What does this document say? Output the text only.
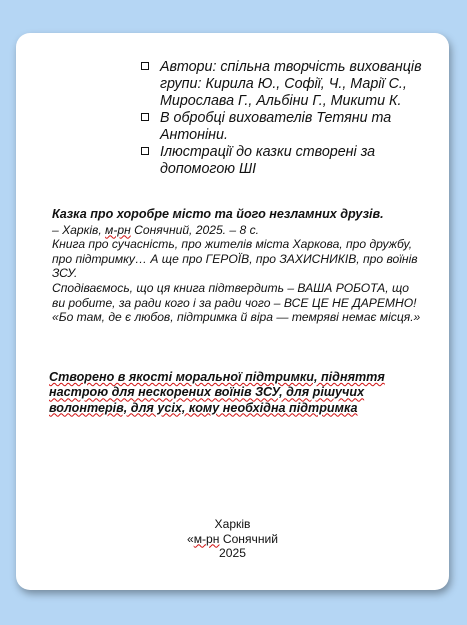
Автори: спільна творчість вихованців групи: Кирила Ю., Софії, Ч., Марії С., Мирослава Г., Альбіни Г., Микити К.
В обробці вихователів Тетяни та Антоніни.
Ілюстрації до казки створені за допомогою ШІ
Казка про хоробре місто та його незламних друзів.
– Харків, м-рн Сонячний, 2025. – 8 с.
Книга про сучасність, про жителів міста Харкова, про дружбу, про підтримку… А ще про ГЕРОЇВ, про ЗАХИСНИКІВ, про воїнів ЗСУ.
Сподіваємось, що ця книга підтвердить – ВАША РОБОТА, що ви робите, за ради кого і за ради чого – ВСЕ ЦЕ НЕ ДАРЕМНО! «Бо там, де є любов, підтримка й віра — темряві немає місця.»
Створено в якості моральної підтримки, підняття настрою для нескорених воїнів ЗСУ, для рішучих волонтерів, для усіх, кому необхідна підтримка
Харків
«м-рн Сонячний
2025
